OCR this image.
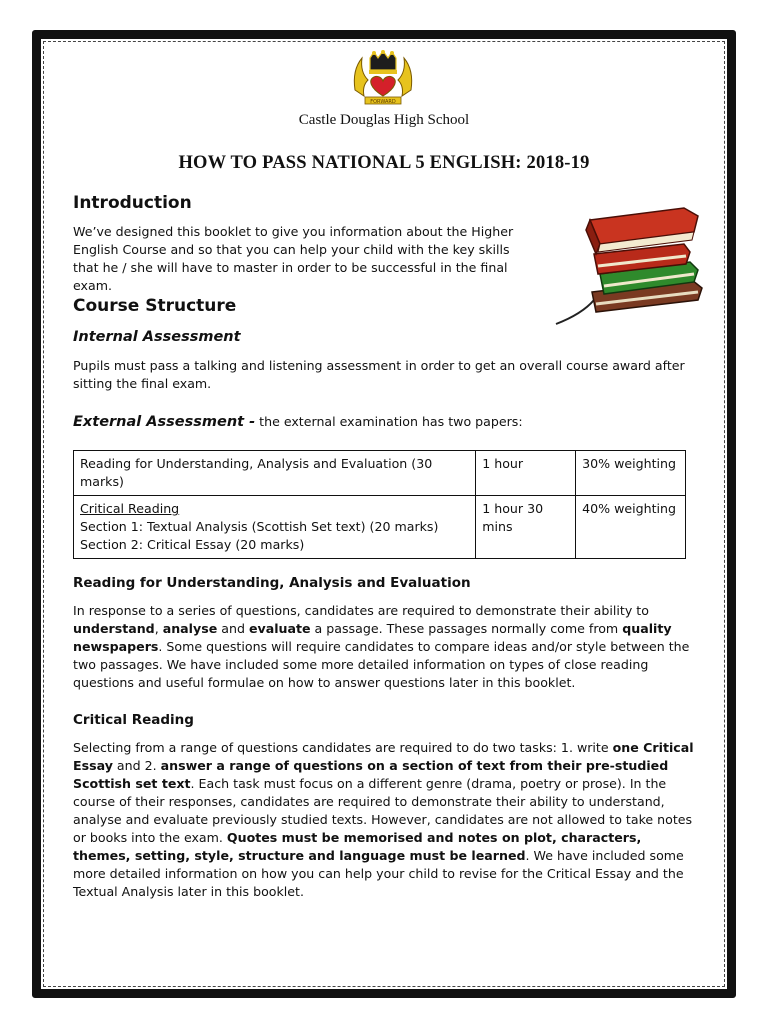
FORWARD
Castle Douglas High School
HOW TO PASS NATIONAL 5 ENGLISH: 2018-19
Introduction
We’ve designed this booklet to give you information about the Higher English Course and so that you can help your child with the key skills that he / she will have to master in order to be successful in the final exam.
Course Structure
Internal Assessment
Pupils must pass a talking and listening assessment in order to get an overall course award after sitting the final exam.
External Assessment - the external examination has two papers:
Reading for Understanding, Analysis and Evaluation (30 marks)	1 hour	30% weighting

Critical Reading
Section 1: Textual Analysis (Scottish Set text) (20 marks)
Section 2: Critical Essay (20 marks)	1 hour 30 mins	40% weighting
Reading for Understanding, Analysis and Evaluation
In response to a series of questions, candidates are required to demonstrate their ability to understand, analyse and evaluate a passage. These passages normally come from quality newspapers. Some questions will require candidates to compare ideas and/or style between the two passages. We have included some more detailed information on types of close reading questions and useful formulae on how to answer questions later in this booklet.
Critical Reading
Selecting from a range of questions candidates are required to do two tasks: 1. write one Critical Essay and 2. answer a range of questions on a section of text from their pre-studied Scottish set text. Each task must focus on a different genre (drama, poetry or prose). In the course of their responses, candidates are required to demonstrate their ability to understand, analyse and evaluate previously studied texts. However, candidates are not allowed to take notes or books into the exam. Quotes must be memorised and notes on plot, characters, themes, setting, style, structure and language must be learned. We have included some more detailed information on how you can help your child to revise for the Critical Essay and the Textual Analysis later in this booklet.
